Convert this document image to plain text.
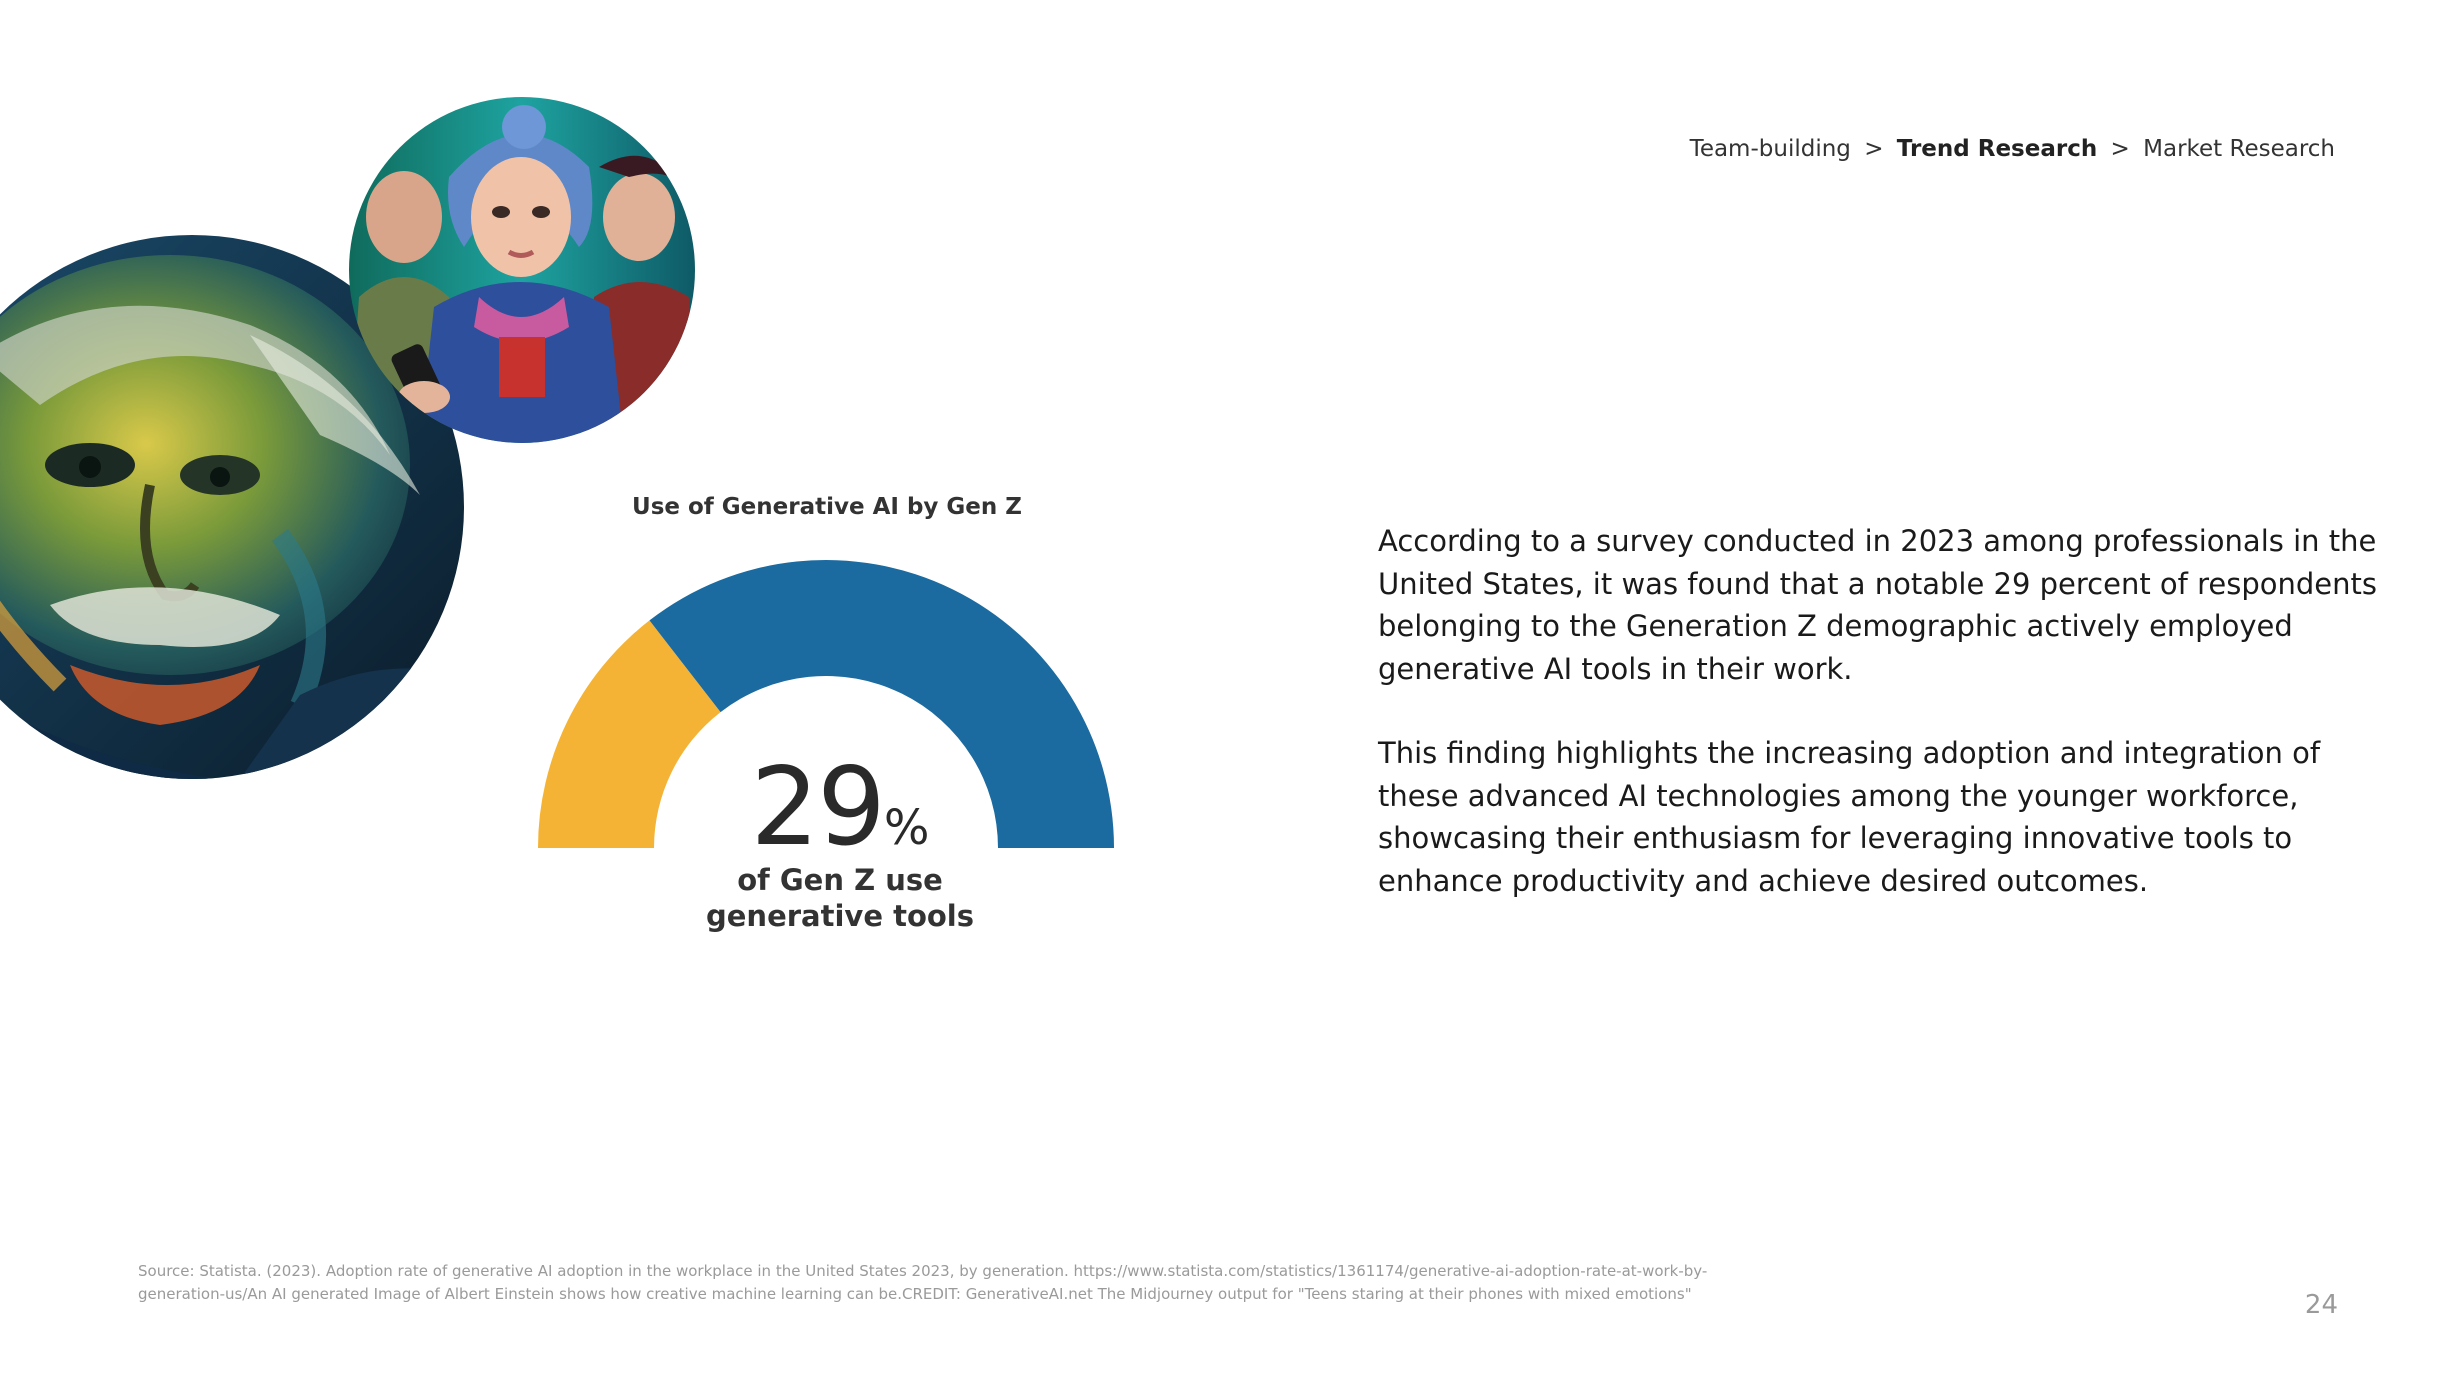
Team-building > Trend Research > Market Research
Use of Generative AI by Gen Z
29%
of Gen Z use
generative tools

According to a survey conducted in 2023 among professionals in the United States, it was found that a notable 29 percent of respondents belonging to the Generation Z demographic actively employed generative AI tools in their work.

This finding highlights the increasing adoption and integration of these advanced AI technologies among the younger workforce, showcasing their enthusiasm for leveraging innovative tools to enhance productivity and achieve desired outcomes.

Source: Statista. (2023). Adoption rate of generative AI adoption in the workplace in the United States 2023, by generation. https://www.statista.com/statistics/1361174/generative-ai-adoption-rate-at-work-by-generation-us/An AI generated Image of Albert Einstein shows how creative machine learning can be.CREDIT: GenerativeAI.net The Midjourney output for "Teens staring at their phones with mixed emotions"	24
